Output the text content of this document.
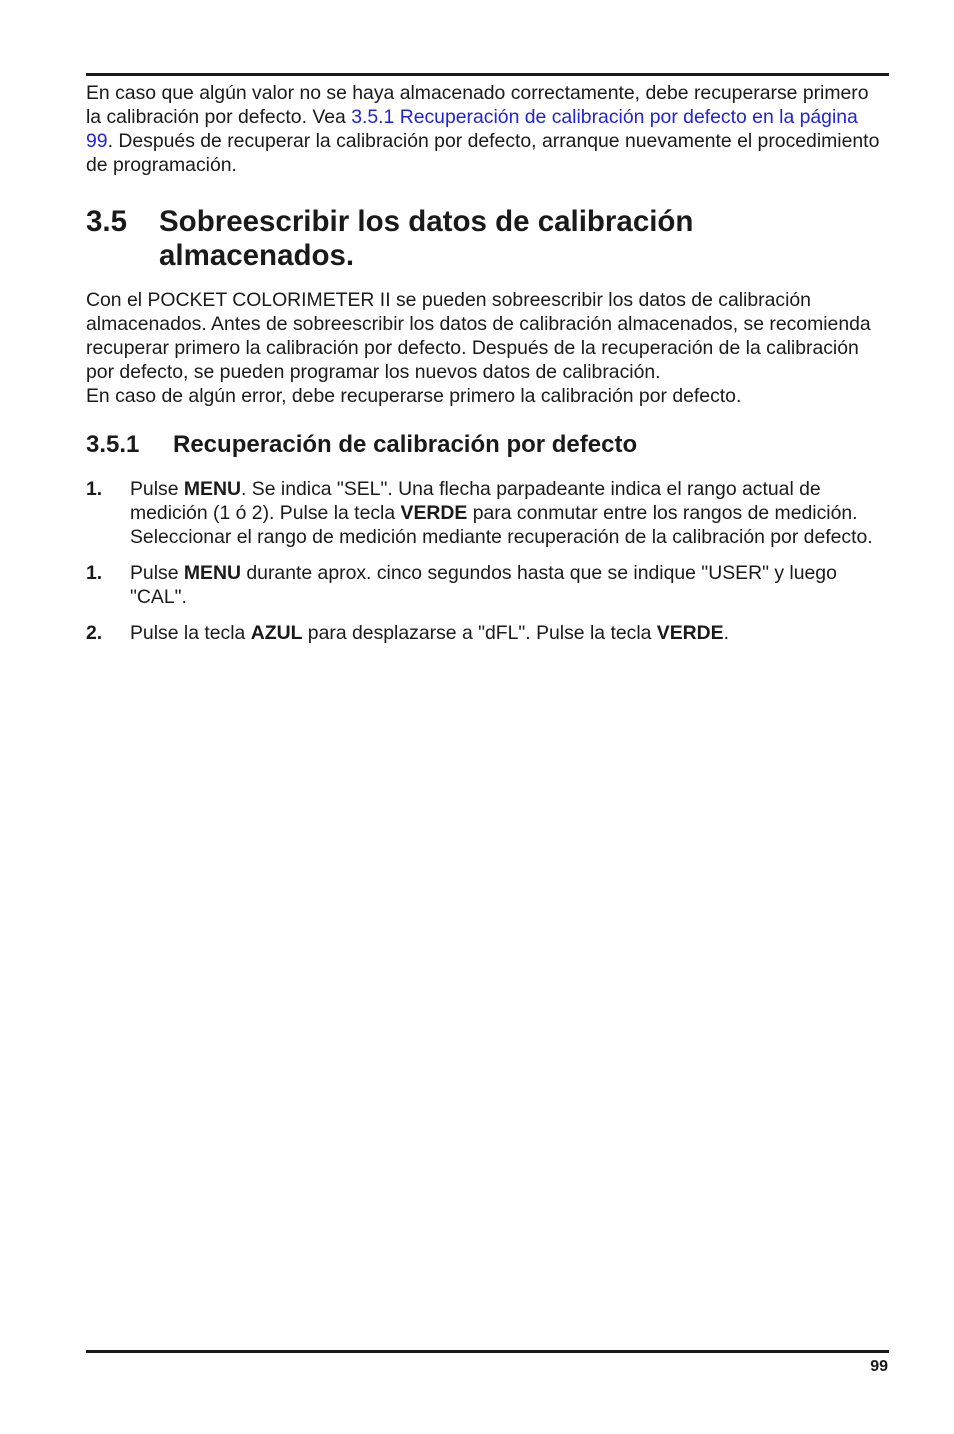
En caso que algún valor no se haya almacenado correctamente, debe recuperarse primero la calibración por defecto. Vea 3.5.1 Recuperación de calibración por defecto en la página 99. Después de recuperar la calibración por defecto, arranque nuevamente el procedimiento de programación.

3.5	Sobreescribir los datos de calibración almacenados.

Con el POCKET COLORIMETER II se pueden sobreescribir los datos de calibración almacenados. Antes de sobreescribir los datos de calibración almacenados, se recomienda recuperar primero la calibración por defecto. Después de la recuperación de la calibración por defecto, se pueden programar los nuevos datos de calibración.

En caso de algún error, debe recuperarse primero la calibración por defecto.

3.5.1	Recuperación de calibración por defecto
1.	Pulse MENU. Se indica "SEL". Una flecha parpadeante indica el rango actual de medición (1 ó 2). Pulse la tecla VERDE para conmutar entre los rangos de medición. Seleccionar el rango de medición mediante recuperación de la calibración por defecto.
1.	Pulse MENU durante aprox. cinco segundos hasta que se indique "USER" y luego "CAL".
2.	Pulse la tecla AZUL para desplazarse a "dFL". Pulse la tecla VERDE.
99
